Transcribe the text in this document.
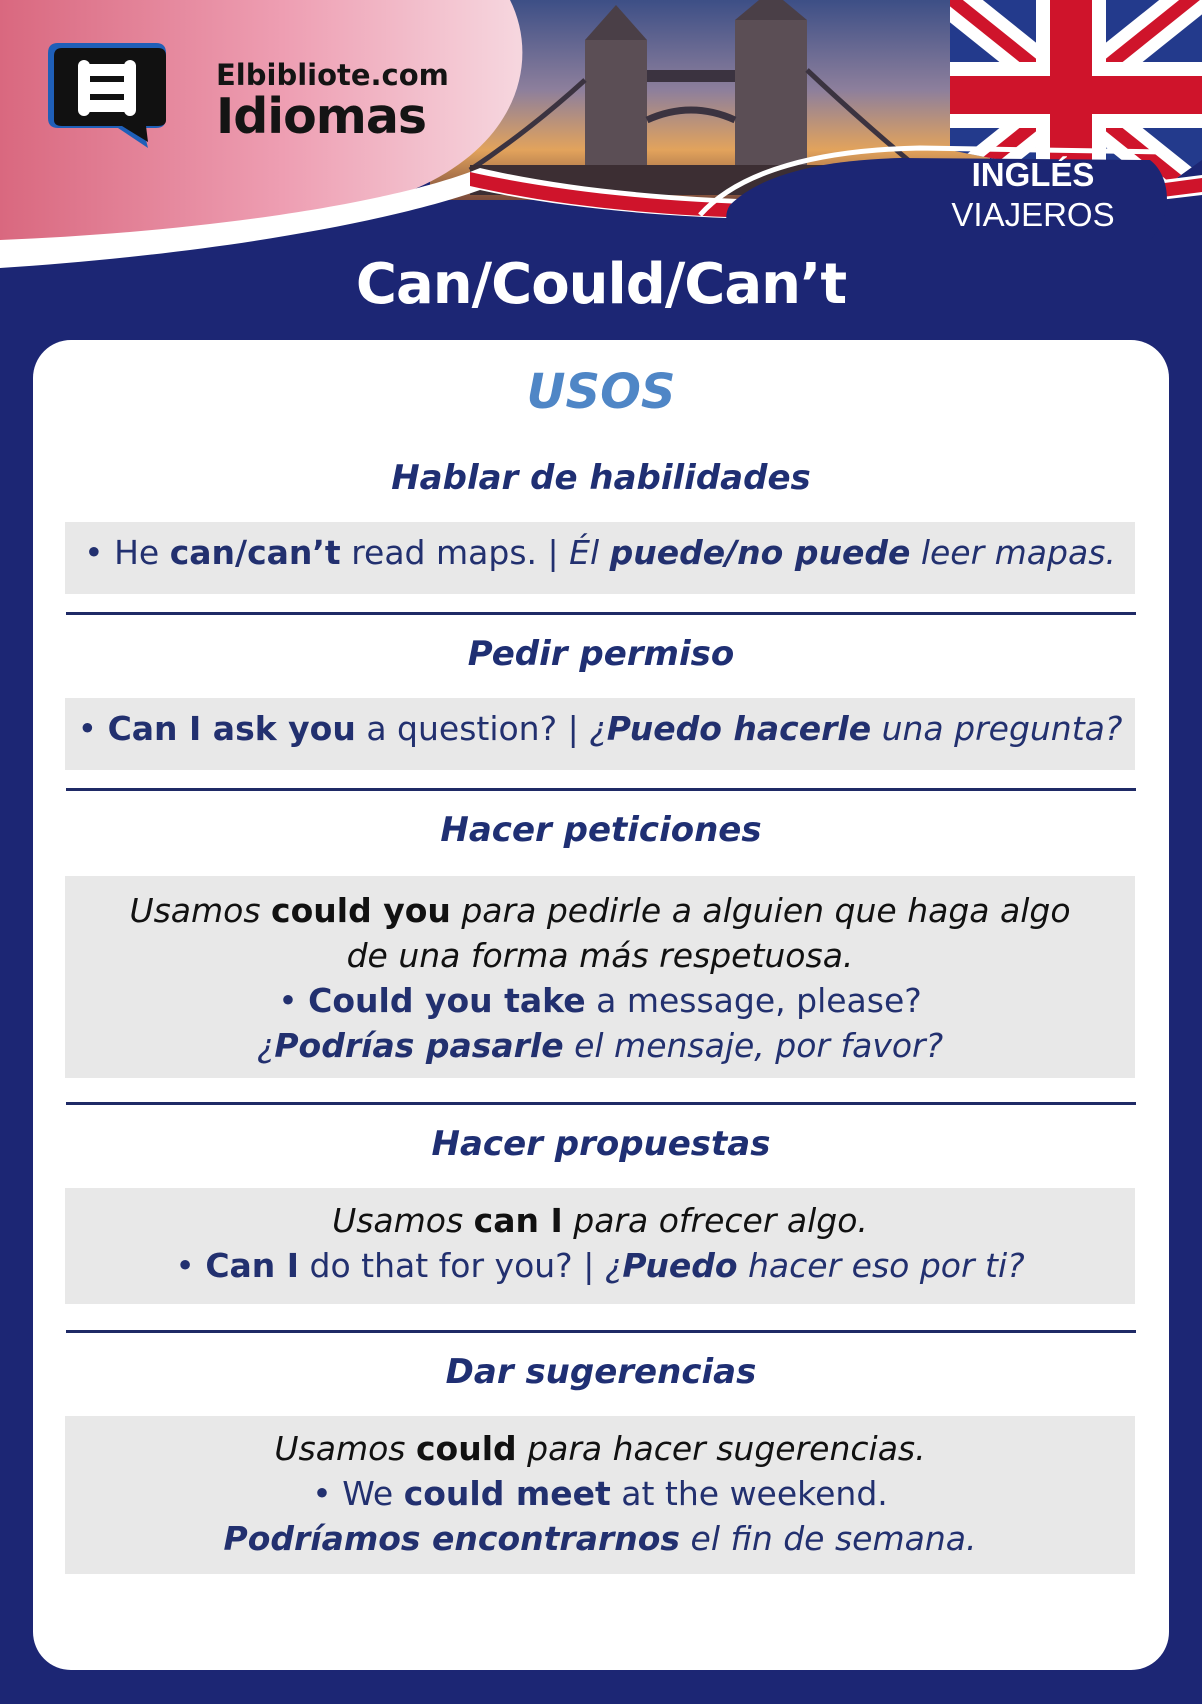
Elbibliote.com
Idiomas
INGLÉS
VIAJEROS
Can/Could/Can’t
USOS
Hablar de habilidades
• He can/can’t read maps. | Él puede/no puede leer mapas.
Pedir permiso
• Can I ask you a question? | ¿Puedo hacerle una pregunta?
Hacer peticiones
Usamos could you para pedirle a alguien que haga algo
de una forma más respetuosa.
• Could you take a message, please?
¿Podrías pasarle el mensaje, por favor?
Hacer propuestas
Usamos can I para ofrecer algo.
• Can I do that for you? | ¿Puedo hacer eso por ti?
Dar sugerencias
Usamos could para hacer sugerencias.
• We could meet at the weekend.
Podríamos encontrarnos el fin de semana.
